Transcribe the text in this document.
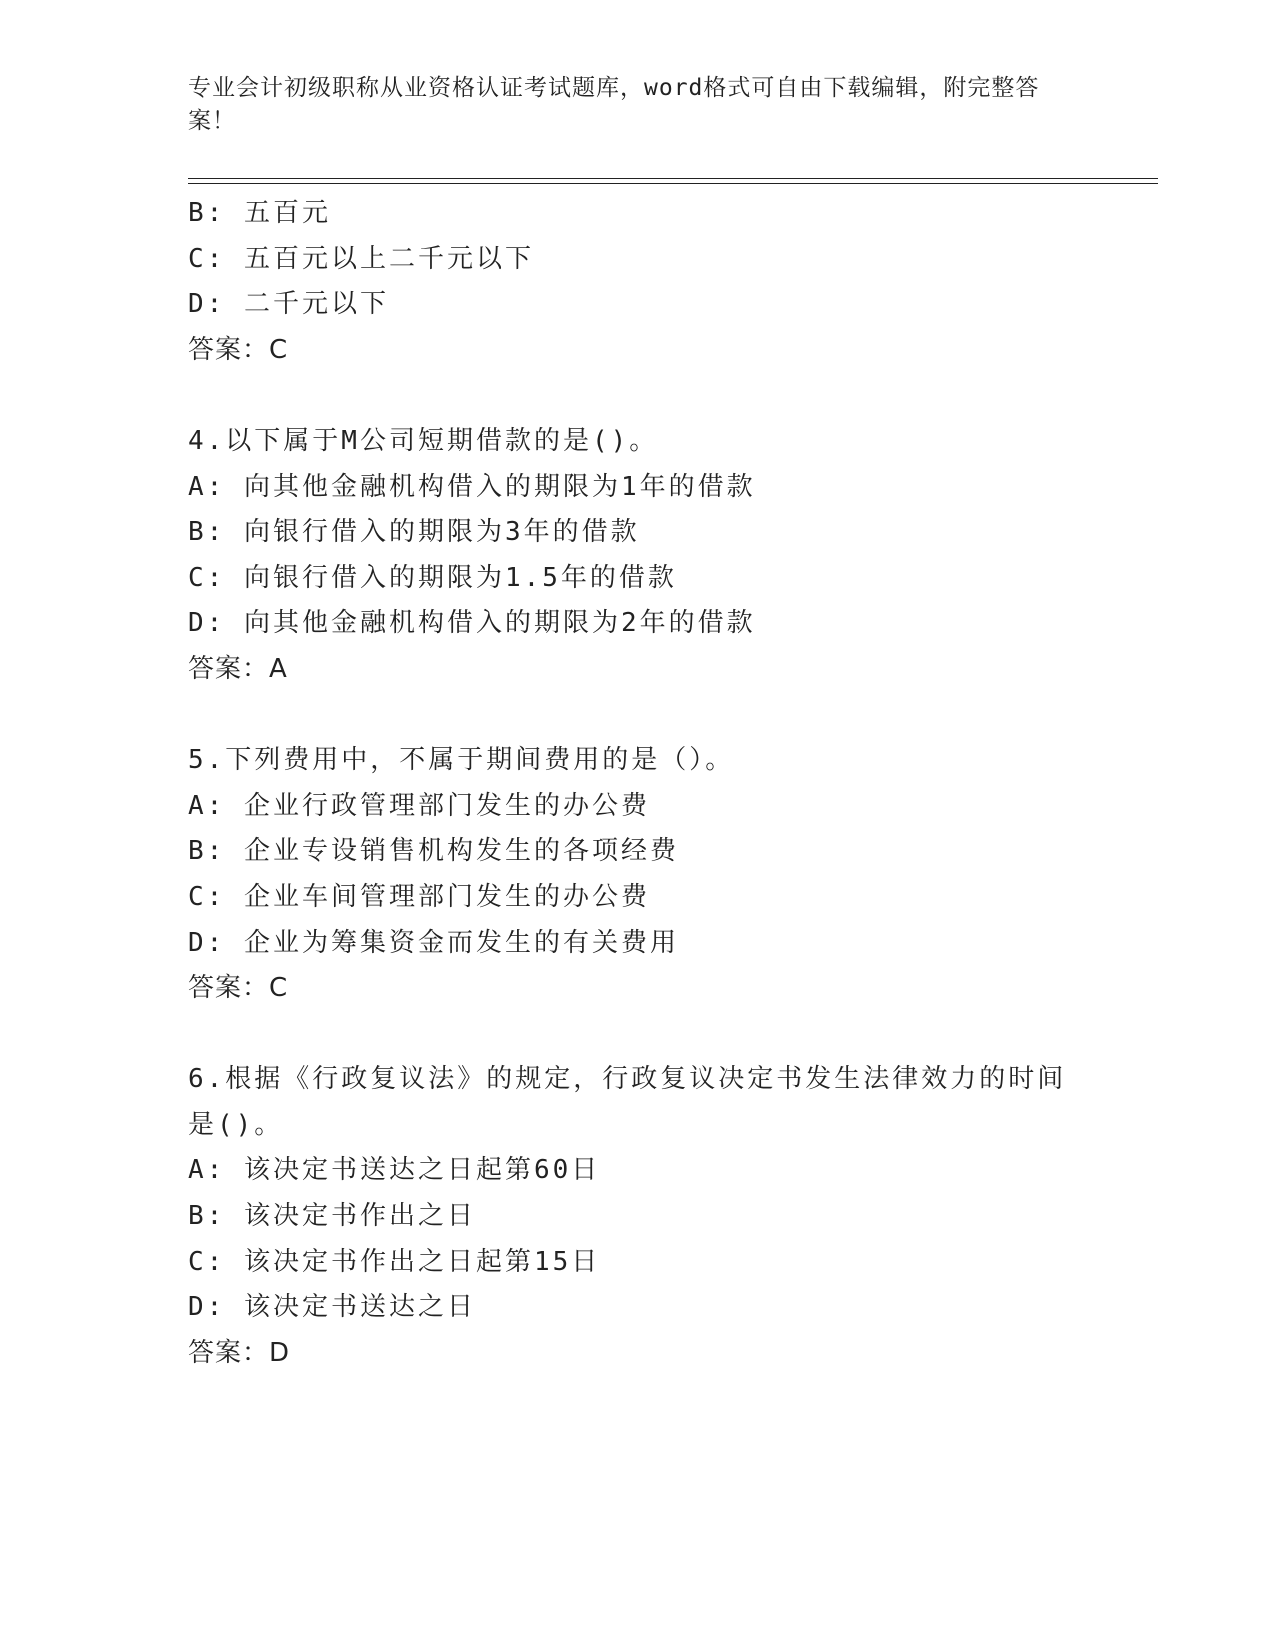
专业会计初级职称从业资格认证考试题库，word格式可自由下载编辑，附完整答案！
B: 五百元
C: 五百元以上二千元以下
D: 二千元以下
答案：C
4.以下属于M公司短期借款的是()。
A: 向其他金融机构借入的期限为1年的借款
B: 向银行借入的期限为3年的借款
C: 向银行借入的期限为1.5年的借款
D: 向其他金融机构借入的期限为2年的借款
答案：A
5.下列费用中，不属于期间费用的是（）。
A: 企业行政管理部门发生的办公费
B: 企业专设销售机构发生的各项经费
C: 企业车间管理部门发生的办公费
D: 企业为筹集资金而发生的有关费用
答案：C
6.根据《行政复议法》的规定，行政复议决定书发生法律效力的时间是()。
A: 该决定书送达之日起第60日
B: 该决定书作出之日
C: 该决定书作出之日起第15日
D: 该决定书送达之日
答案：D
